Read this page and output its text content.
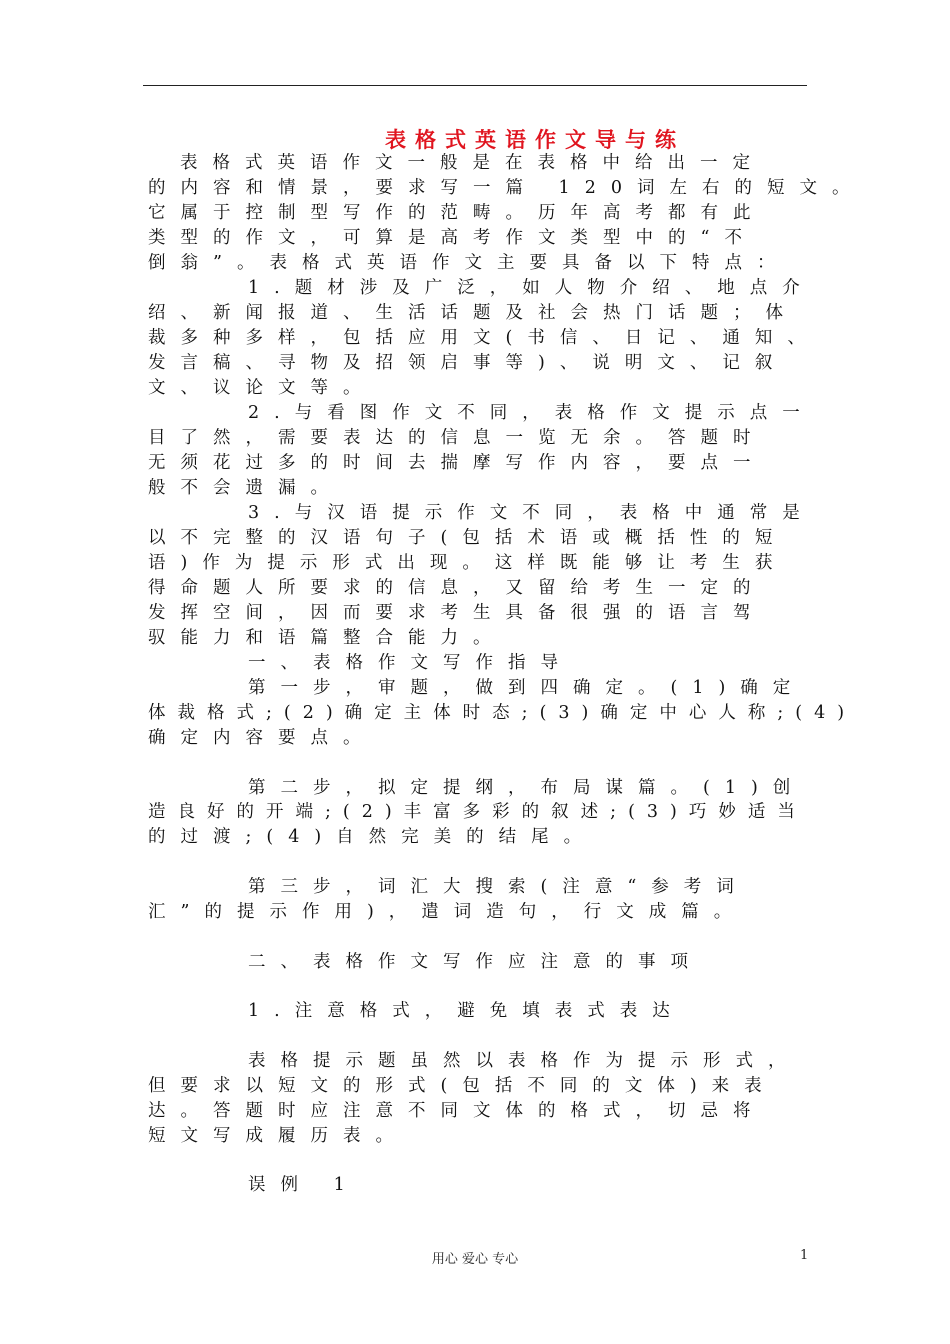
表格式英语作文导与练
表格式英语作文一般是在表格中给出一定
的内容和情景，要求写一篇 120词左右的短文。
它属于控制型写作的范畴。历年高考都有此
类型的作文，可算是高考作文类型中的“不
倒翁”。表格式英语作文主要具备以下特点：
1.题材涉及广泛，如人物介绍、地点介
绍、新闻报道、生活话题及社会热门话题；体
裁多种多样，包括应用文(书信、日记、通知、
发言稿、寻物及招领启事等)、说明文、记叙
文、议论文等。
2.与看图作文不同，表格作文提示点一
目了然，需要表达的信息一览无余。答题时
无须花过多的时间去揣摩写作内容，要点一
般不会遗漏。
3.与汉语提示作文不同，表格中通常是
以不完整的汉语句子(包括术语或概括性的短
语)作为提示形式出现。这样既能够让考生获
得命题人所要求的信息，又留给考生一定的
发挥空间，因而要求考生具备很强的语言驾
驭能力和语篇整合能力。
一、表格作文写作指导
第一步，审题，做到四确定。(1)确定
体裁格式;(2)确定主体时态;(3)确定中心人称;(4)
确定内容要点。
第二步，拟定提纲，布局谋篇。(1)创
造良好的开端;(2)丰富多彩的叙述;(3)巧妙适当
的过渡;(4)自然完美的结尾。
第三步，词汇大搜索(注意“参考词
汇”的提示作用)，遣词造句，行文成篇。
二、表格作文写作应注意的事项
1.注意格式，避免填表式表达
表格提示题虽然以表格作为提示形式，
但要求以短文的形式(包括不同的文体)来表
达。答题时应注意不同文体的格式，切忌将
短文写成履历表。
误例 1
用心 爱心 专心	1
